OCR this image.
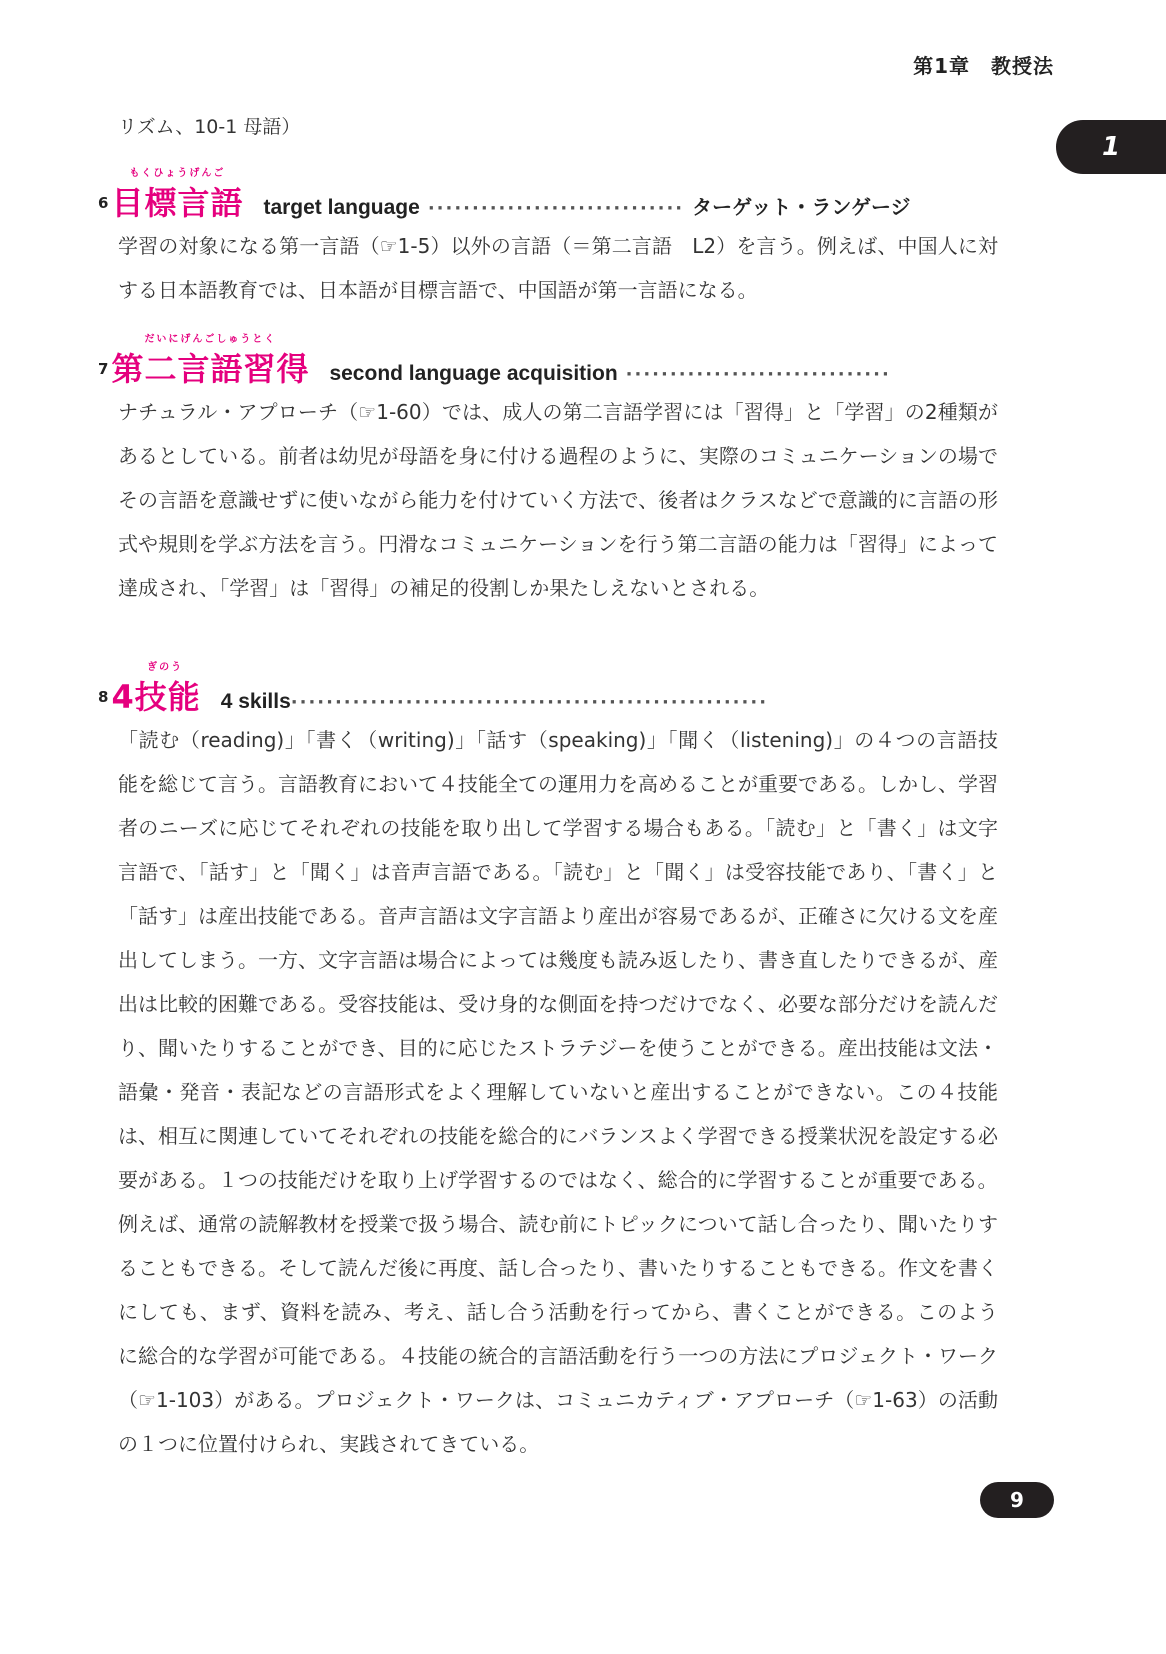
第1章　教授法
1
リズム、10-1 母語）
6
もくひょうげんご
目標言語 target language ····························· ターゲット・ランゲージ
学習の対象になる第一言語（☞1-5）以外の言語（＝第二言語　L2）を言う。例えば、中国人に対する日本語教育では、日本語が目標言語で、中国語が第一言語になる。
7
だいにげんごしゅうとく
第二言語習得 second language acquisition ······························
ナチュラル・アプローチ（☞1-60）では、成人の第二言語学習には「習得」と「学習」の2種類があるとしている。前者は幼児が母語を身に付ける過程のように、実際のコミュニケーションの場でその言語を意識せずに使いながら能力を付けていく方法で、後者はクラスなどで意識的に言語の形式や規則を学ぶ方法を言う。円滑なコミュニケーションを行う第二言語の能力は「習得」によって達成され、「学習」は「習得」の補足的役割しか果たしえないとされる。
8
ぎのう
4技能 4 skills ······················································
「読む（reading)」「書く（writing)」「話す（speaking)」「聞く（listening)」の４つの言語技能を総じて言う。言語教育において４技能全ての運用力を高めることが重要である。しかし、学習者のニーズに応じてそれぞれの技能を取り出して学習する場合もある。「読む」と「書く」は文字言語で、「話す」と「聞く」は音声言語である。「読む」と「聞く」は受容技能であり、「書く」と「話す」は産出技能である。音声言語は文字言語より産出が容易であるが、正確さに欠ける文を産出してしまう。一方、文字言語は場合によっては幾度も読み返したり、書き直したりできるが、産出は比較的困難である。受容技能は、受け身的な側面を持つだけでなく、必要な部分だけを読んだり、聞いたりすることができ、目的に応じたストラテジーを使うことができる。産出技能は文法・語彙・発音・表記などの言語形式をよく理解していないと産出することができない。この４技能は、相互に関連していてそれぞれの技能を総合的にバランスよく学習できる授業状況を設定する必要がある。１つの技能だけを取り上げ学習するのではなく、総合的に学習することが重要である。
例えば、通常の読解教材を授業で扱う場合、読む前にトピックについて話し合ったり、聞いたりすることもできる。そして読んだ後に再度、話し合ったり、書いたりすることもできる。作文を書くにしても、まず、資料を読み、考え、話し合う活動を行ってから、書くことができる。このように総合的な学習が可能である。４技能の統合的言語活動を行う一つの方法にプロジェクト・ワーク（☞1-103）がある。プロジェクト・ワークは、コミュニカティブ・アプローチ（☞1-63）の活動の１つに位置付けられ、実践されてきている。
9
